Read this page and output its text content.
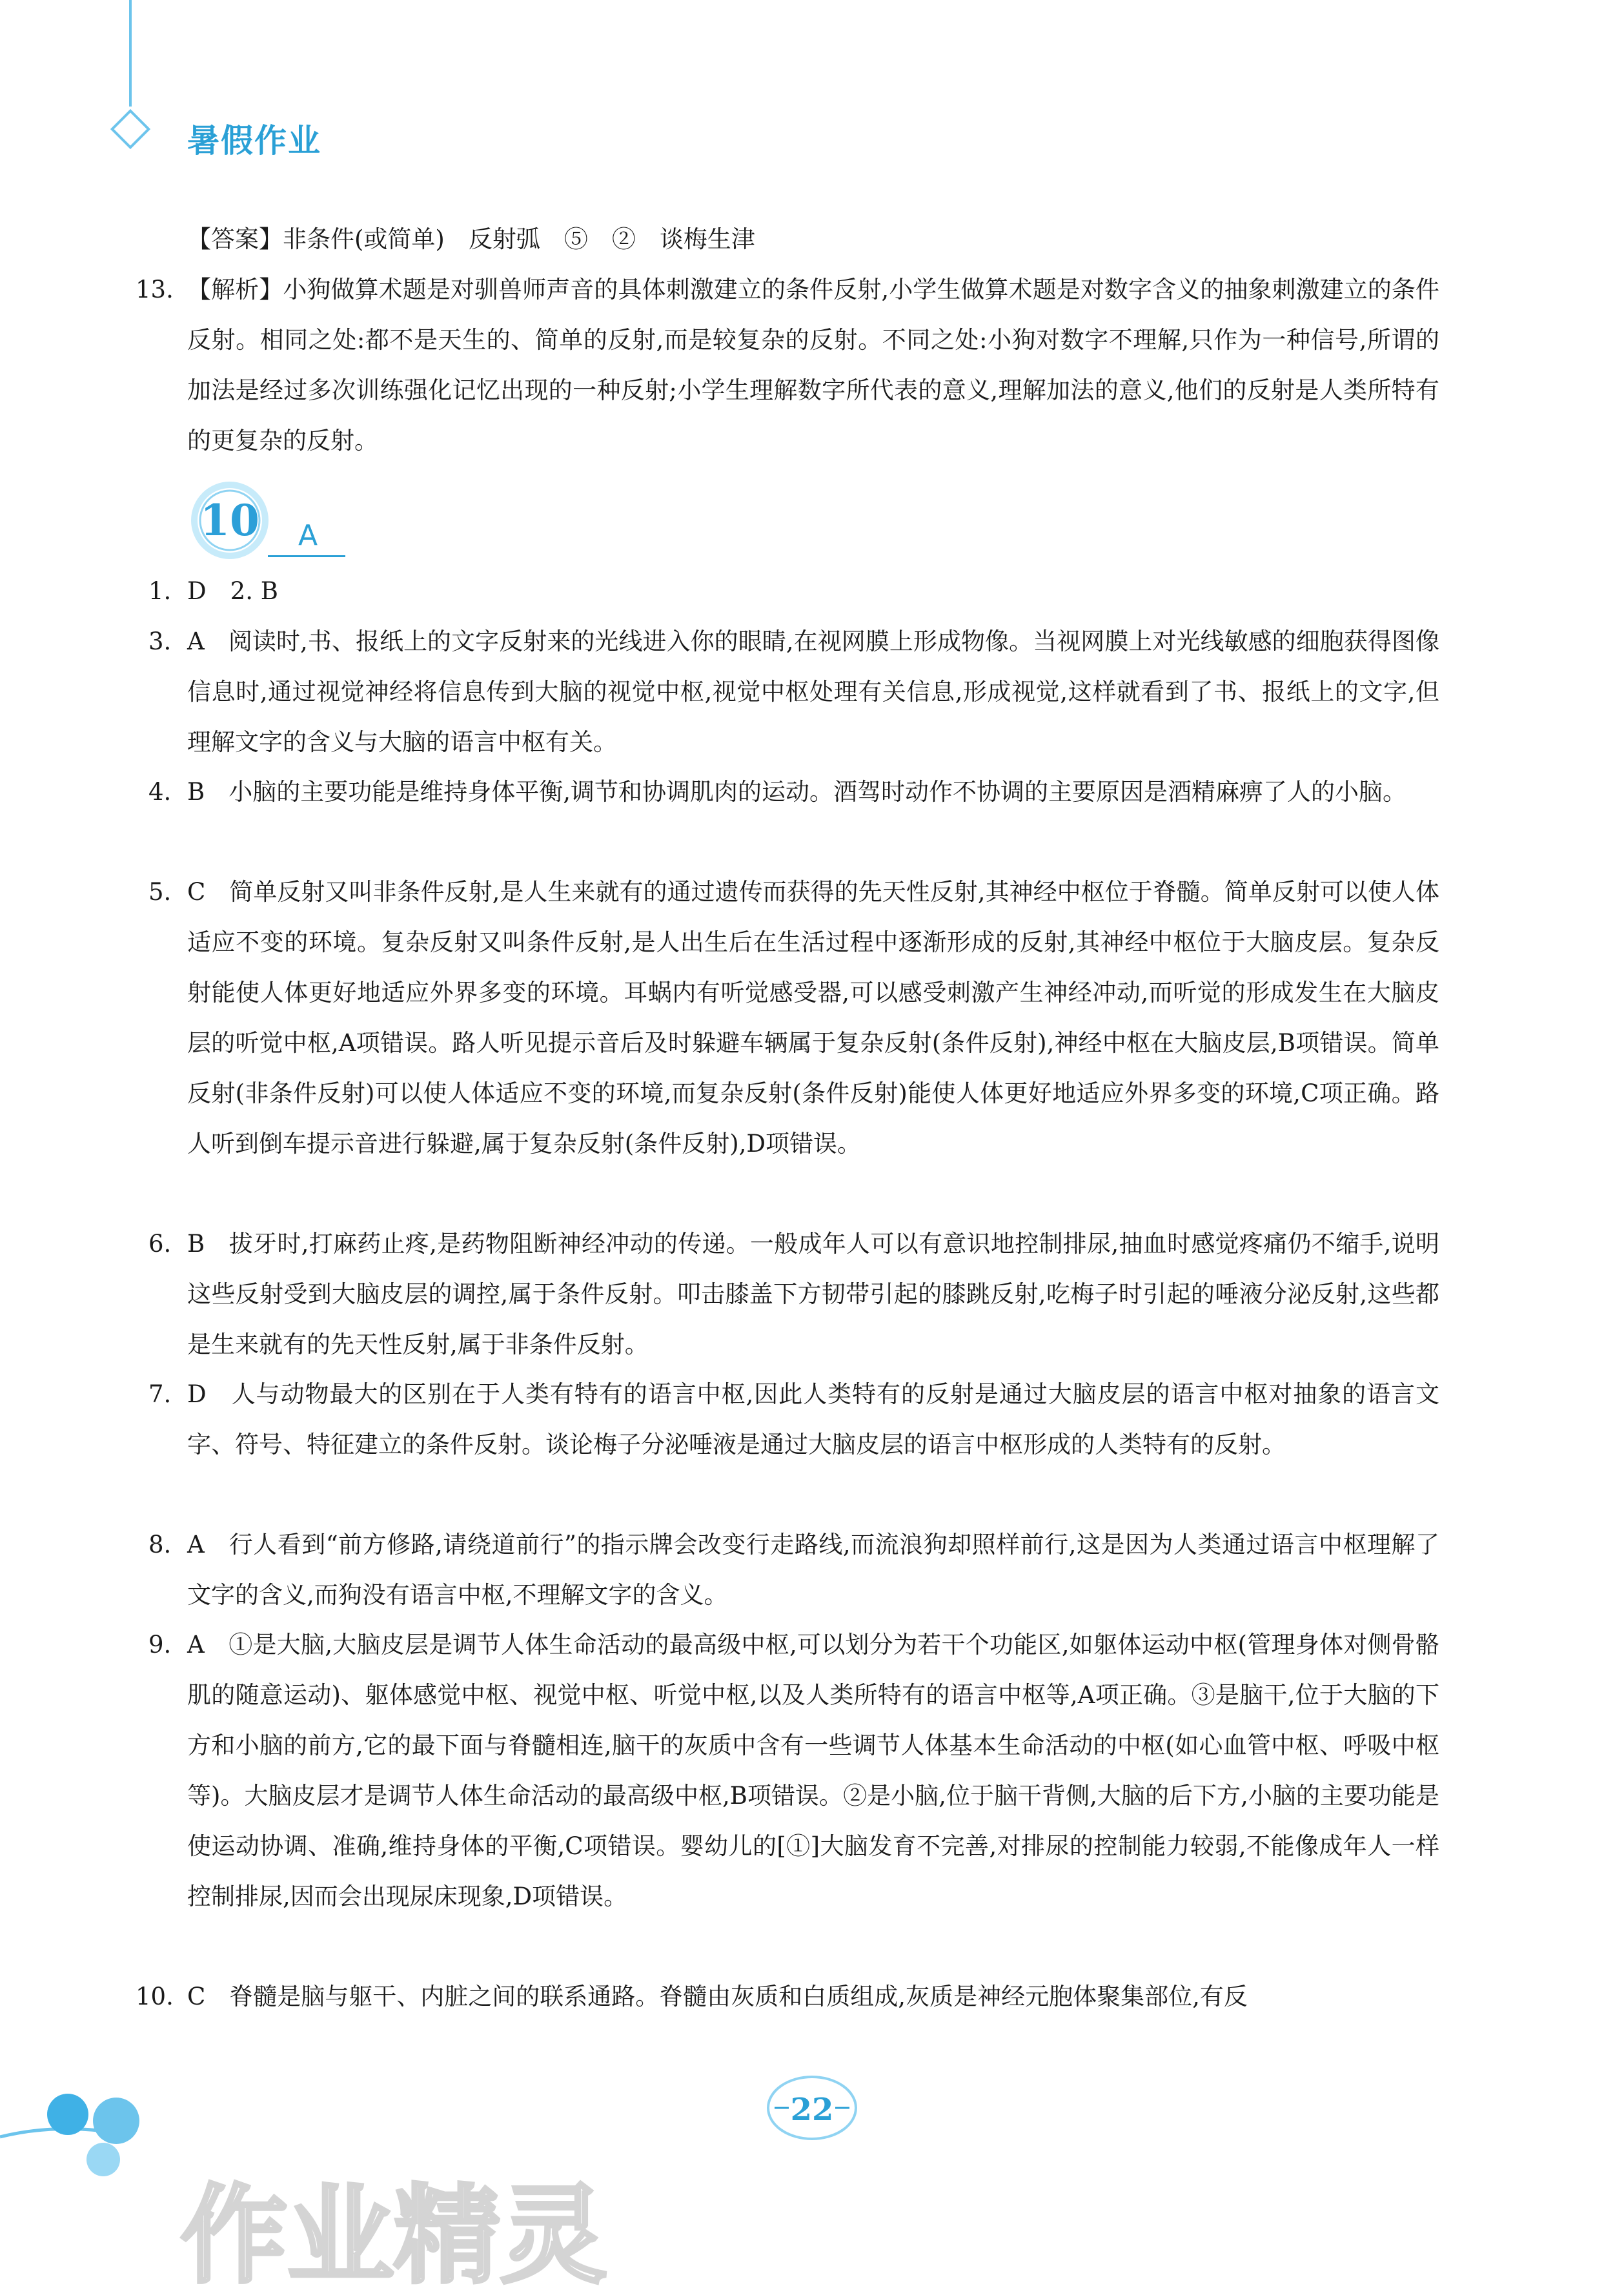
暑假作业
【答案】非条件(或简单)　反射弧　⑤　②　谈梅生津
13. 【解析】小狗做算术题是对驯兽师声音的具体刺激建立的条件反射,小学生做算术题是对数字含义的抽象刺激建立的条件反射。相同之处:都不是天生的、简单的反射,而是较复杂的反射。不同之处:小狗对数字不理解,只作为一种信号,所谓的加法是经过多次训练强化记忆出现的一种反射;小学生理解数字所代表的意义,理解加法的意义,他们的反射是人类所特有的更复杂的反射。
1. D　2. B
3. A　阅读时,书、报纸上的文字反射来的光线进入你的眼睛,在视网膜上形成物像。当视网膜上对光线敏感的细胞获得图像信息时,通过视觉神经将信息传到大脑的视觉中枢,视觉中枢处理有关信息,形成视觉,这样就看到了书、报纸上的文字,但理解文字的含义与大脑的语言中枢有关。
4. B　小脑的主要功能是维持身体平衡,调节和协调肌肉的运动。酒驾时动作不协调的主要原因是酒精麻痹了人的小脑。
5. C　简单反射又叫非条件反射,是人生来就有的通过遗传而获得的先天性反射,其神经中枢位于脊髓。简单反射可以使人体适应不变的环境。复杂反射又叫条件反射,是人出生后在生活过程中逐渐形成的反射,其神经中枢位于大脑皮层。复杂反射能使人体更好地适应外界多变的环境。耳蜗内有听觉感受器,可以感受刺激产生神经冲动,而听觉的形成发生在大脑皮层的听觉中枢,A项错误。路人听见提示音后及时躲避车辆属于复杂反射(条件反射),神经中枢在大脑皮层,B项错误。简单反射(非条件反射)可以使人体适应不变的环境,而复杂反射(条件反射)能使人体更好地适应外界多变的环境,C项正确。路人听到倒车提示音进行躲避,属于复杂反射(条件反射),D项错误。
6. B　拔牙时,打麻药止疼,是药物阻断神经冲动的传递。一般成年人可以有意识地控制排尿,抽血时感觉疼痛仍不缩手,说明这些反射受到大脑皮层的调控,属于条件反射。叩击膝盖下方韧带引起的膝跳反射,吃梅子时引起的唾液分泌反射,这些都是生来就有的先天性反射,属于非条件反射。
7. D　人与动物最大的区别在于人类有特有的语言中枢,因此人类特有的反射是通过大脑皮层的语言中枢对抽象的语言文字、符号、特征建立的条件反射。谈论梅子分泌唾液是通过大脑皮层的语言中枢形成的人类特有的反射。
8. A　行人看到“前方修路,请绕道前行”的指示牌会改变行走路线,而流浪狗却照样前行,这是因为人类通过语言中枢理解了文字的含义,而狗没有语言中枢,不理解文字的含义。
9. A　①是大脑,大脑皮层是调节人体生命活动的最高级中枢,可以划分为若干个功能区,如躯体运动中枢(管理身体对侧骨骼肌的随意运动)、躯体感觉中枢、视觉中枢、听觉中枢,以及人类所特有的语言中枢等,A项正确。③是脑干,位于大脑的下方和小脑的前方,它的最下面与脊髓相连,脑干的灰质中含有一些调节人体基本生命活动的中枢(如心血管中枢、呼吸中枢等)。大脑皮层才是调节人体生命活动的最高级中枢,B项错误。②是小脑,位于脑干背侧,大脑的后下方,小脑的主要功能是使运动协调、准确,维持身体的平衡,C项错误。婴幼儿的[①]大脑发育不完善,对排尿的控制能力较弱,不能像成年人一样控制排尿,因而会出现尿床现象,D项错误。
10. C　脊髓是脑与躯干、内脏之间的联系通路。脊髓由灰质和白质组成,灰质是神经元胞体聚集部位,有反
10	A
22
作业精灵
